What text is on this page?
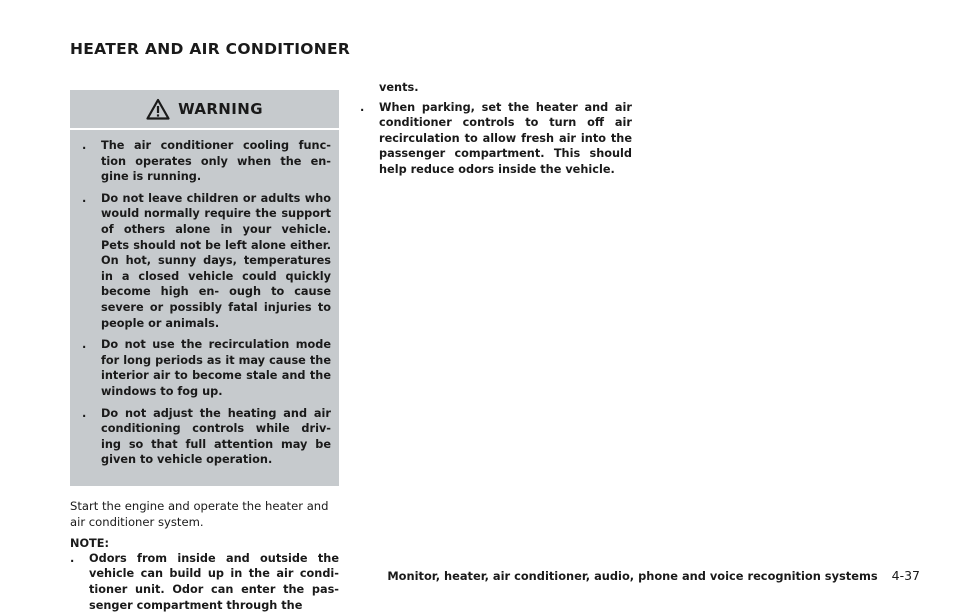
HEATER AND AIR CONDITIONER
WARNING
.	The air conditioner cooling func- tion operates only when the en- gine is running.
.	Do not leave children or adults who would normally require the support of others alone in your vehicle. Pets should not be left alone either. On hot, sunny days, temperatures in a closed vehicle could quickly become high en- ough to cause severe or possibly fatal injuries to people or animals.
.	Do not use the recirculation mode for long periods as it may cause the interior air to become stale and the windows to fog up.
.	Do not adjust the heating and air conditioning controls while driv- ing so that full attention may be given to vehicle operation.
Start the engine and operate the heater and air conditioner system.
NOTE:
.	Odors from inside and outside the vehicle can build up in the air condi- tioner unit. Odor can enter the pas- senger compartment through the
vents.
.	When parking, set the heater and air conditioner controls to turn off air recirculation to allow fresh air into the passenger compartment. This should help reduce odors inside the vehicle.
Monitor, heater, air conditioner, audio, phone and voice recognition systems 4-37
